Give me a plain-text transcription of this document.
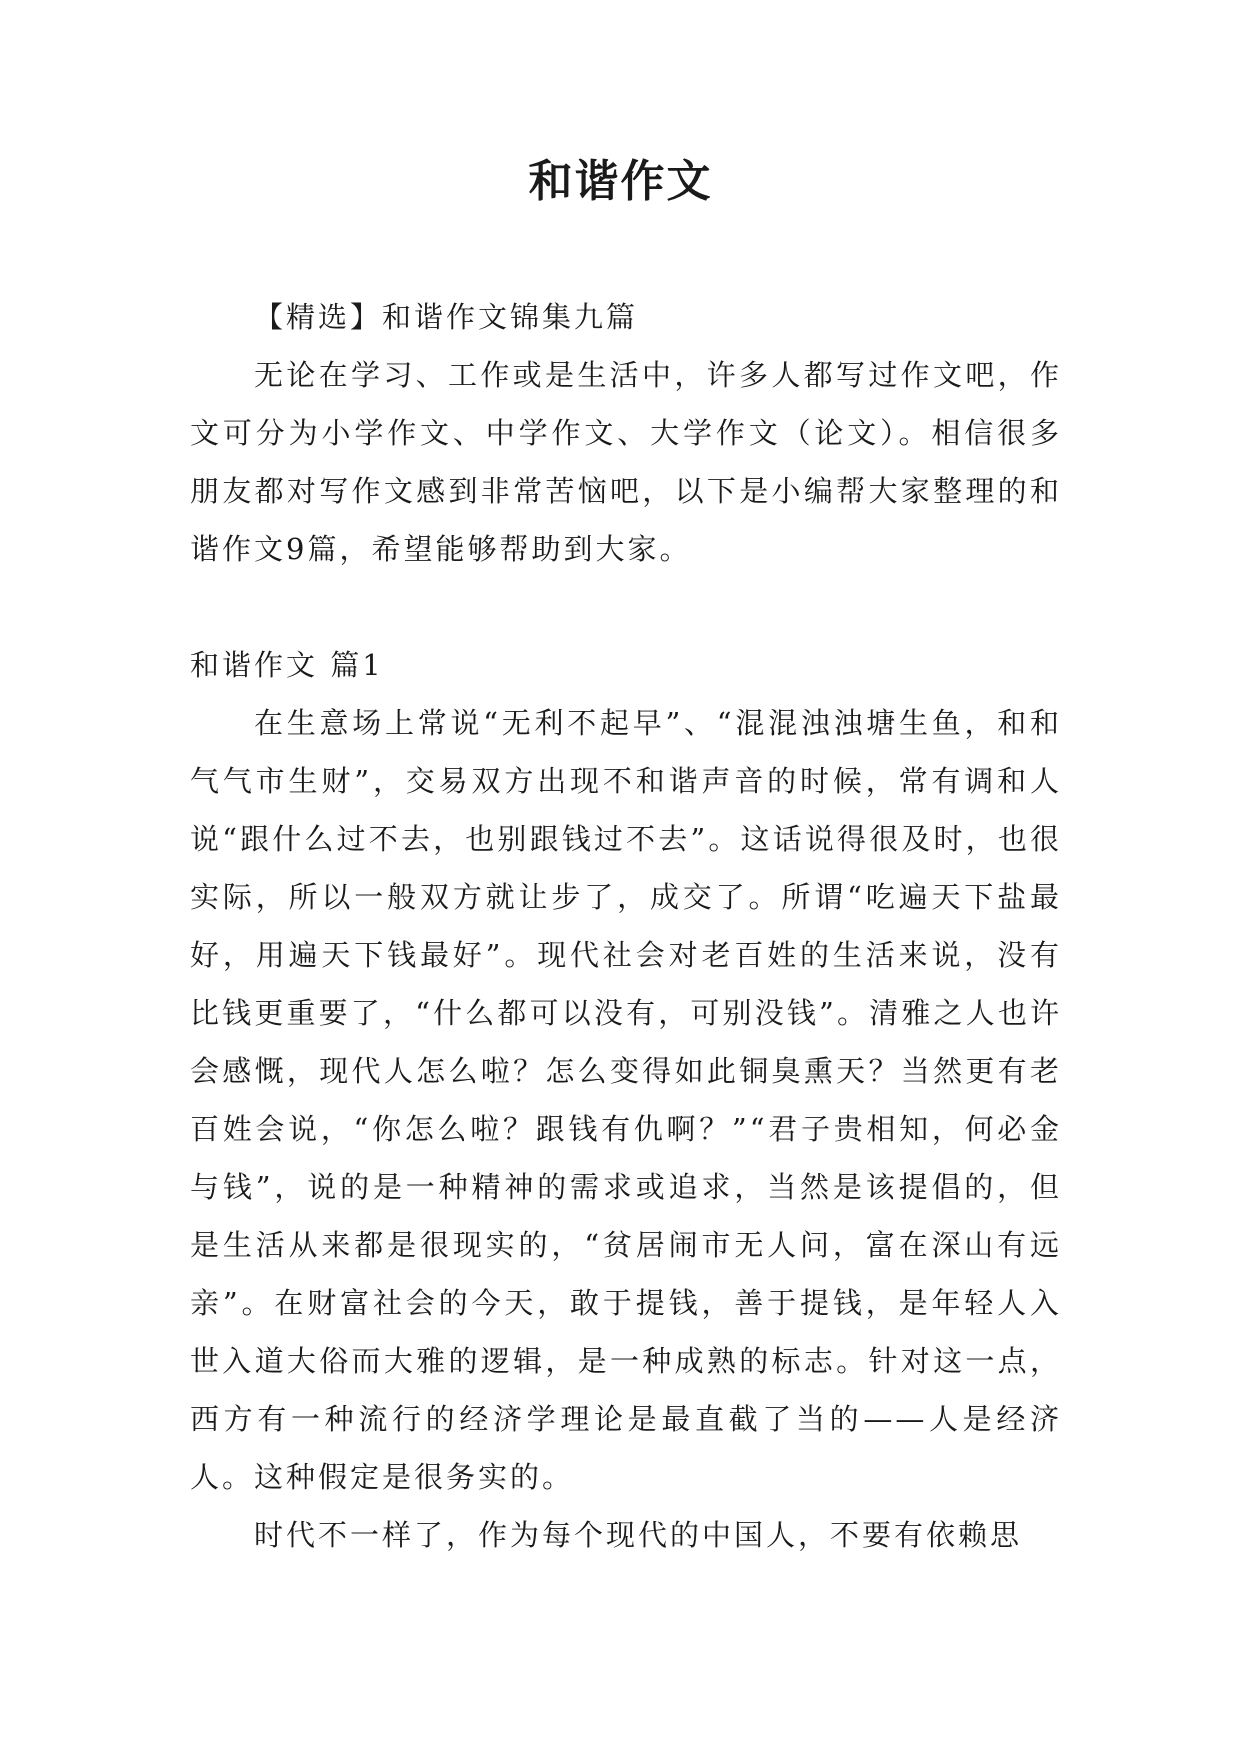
和谐作文

【精选】和谐作文锦集九篇

无论在学习、工作或是生活中，许多人都写过作文吧，作文可分为小学作文、中学作文、大学作文（论文）。相信很多朋友都对写作文感到非常苦恼吧，以下是小编帮大家整理的和谐作文9篇，希望能够帮助到大家。

和谐作文 篇1

在生意场上常说“无利不起早”、“混混浊浊塘生鱼，和和气气市生财”，交易双方出现不和谐声音的时候，常有调和人说“跟什么过不去，也别跟钱过不去”。这话说得很及时，也很实际，所以一般双方就让步了，成交了。所谓“吃遍天下盐最好，用遍天下钱最好”。现代社会对老百姓的生活来说，没有比钱更重要了，“什么都可以没有，可别没钱”。清雅之人也许会感慨，现代人怎么啦？怎么变得如此铜臭熏天？当然更有老百姓会说，“你怎么啦？跟钱有仇啊？”“君子贵相知，何必金与钱”，说的是一种精神的需求或追求，当然是该提倡的，但是生活从来都是很现实的，“贫居闹市无人问，富在深山有远亲”。在财富社会的今天，敢于提钱，善于提钱，是年轻人入世入道大俗而大雅的逻辑，是一种成熟的标志。针对这一点，西方有一种流行的经济学理论是最直截了当的——人是经济人。这种假定是很务实的。

时代不一样了，作为每个现代的中国人，不要有依赖思
